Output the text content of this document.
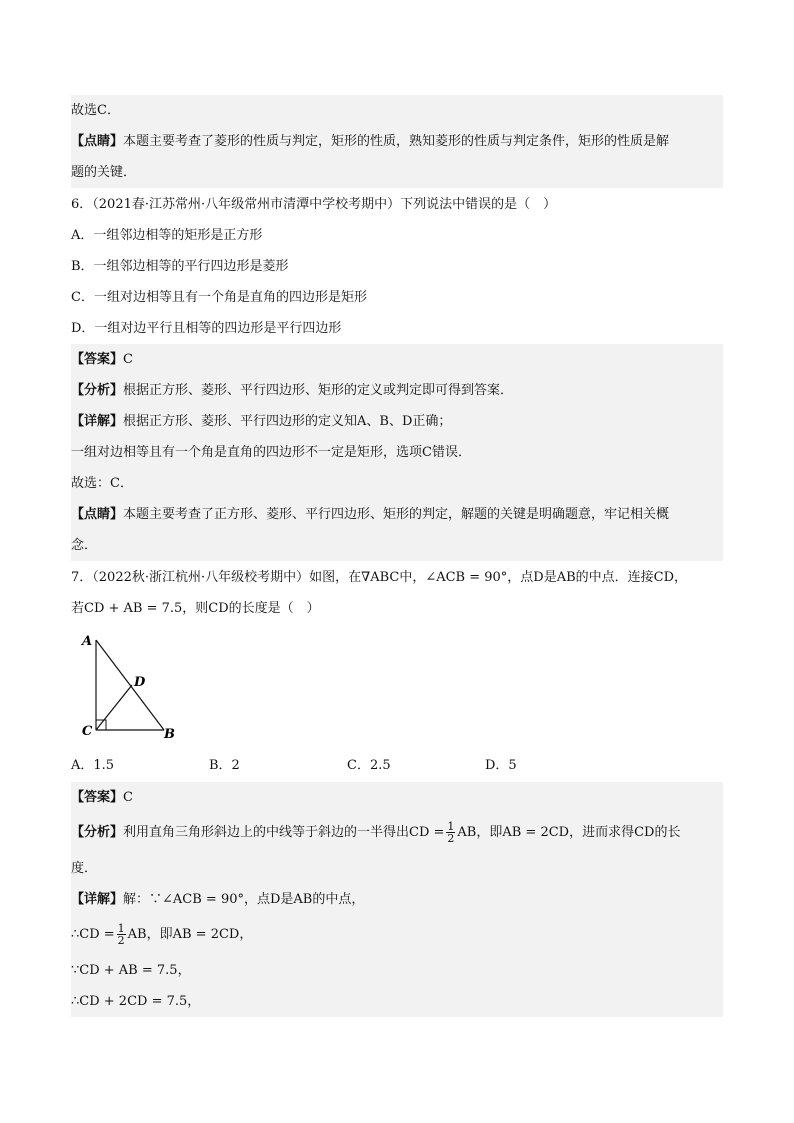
故选C．
【点睛】本题主要考查了菱形的性质与判定，矩形的性质，熟知菱形的性质与判定条件，矩形的性质是解
题的关键．
6．（2021春·江苏常州·八年级常州市清潭中学校考期中）下列说法中错误的是（　）
A．一组邻边相等的矩形是正方形
B．一组邻边相等的平行四边形是菱形
C．一组对边相等且有一个角是直角的四边形是矩形
D．一组对边平行且相等的四边形是平行四边形
【答案】C
【分析】根据正方形、菱形、平行四边形、矩形的定义或判定即可得到答案．
【详解】根据正方形、菱形、平行四边形的定义知A、B、D正确；
一组对边相等且有一个角是直角的四边形不一定是矩形，选项C错误．
故选：C．
【点睛】本题主要考查了正方形、菱形、平行四边形、矩形的判定，解题的关键是明确题意，牢记相关概
念．
7．（2022秋·浙江杭州·八年级校考期中）如图，在∇ABC中，∠ACB = 90°，点D是AB的中点．连接CD，
若CD + AB = 7.5，则CD的长度是（　）
A
D
C	B
A．1.5	B．2	C．2.5	D．5
【答案】C
【分析】利用直角三角形斜边上的中线等于斜边的一半得出CD = $\frac{1}{2}$ AB，即AB = 2CD，进而求得CD的长
度．
【详解】解：∵∠ACB = 90°，点D是AB的中点，
∴CD = $\frac{1}{2}$ AB，即AB = 2CD，
∵CD + AB = 7.5，
∴CD + 2CD = 7.5，
